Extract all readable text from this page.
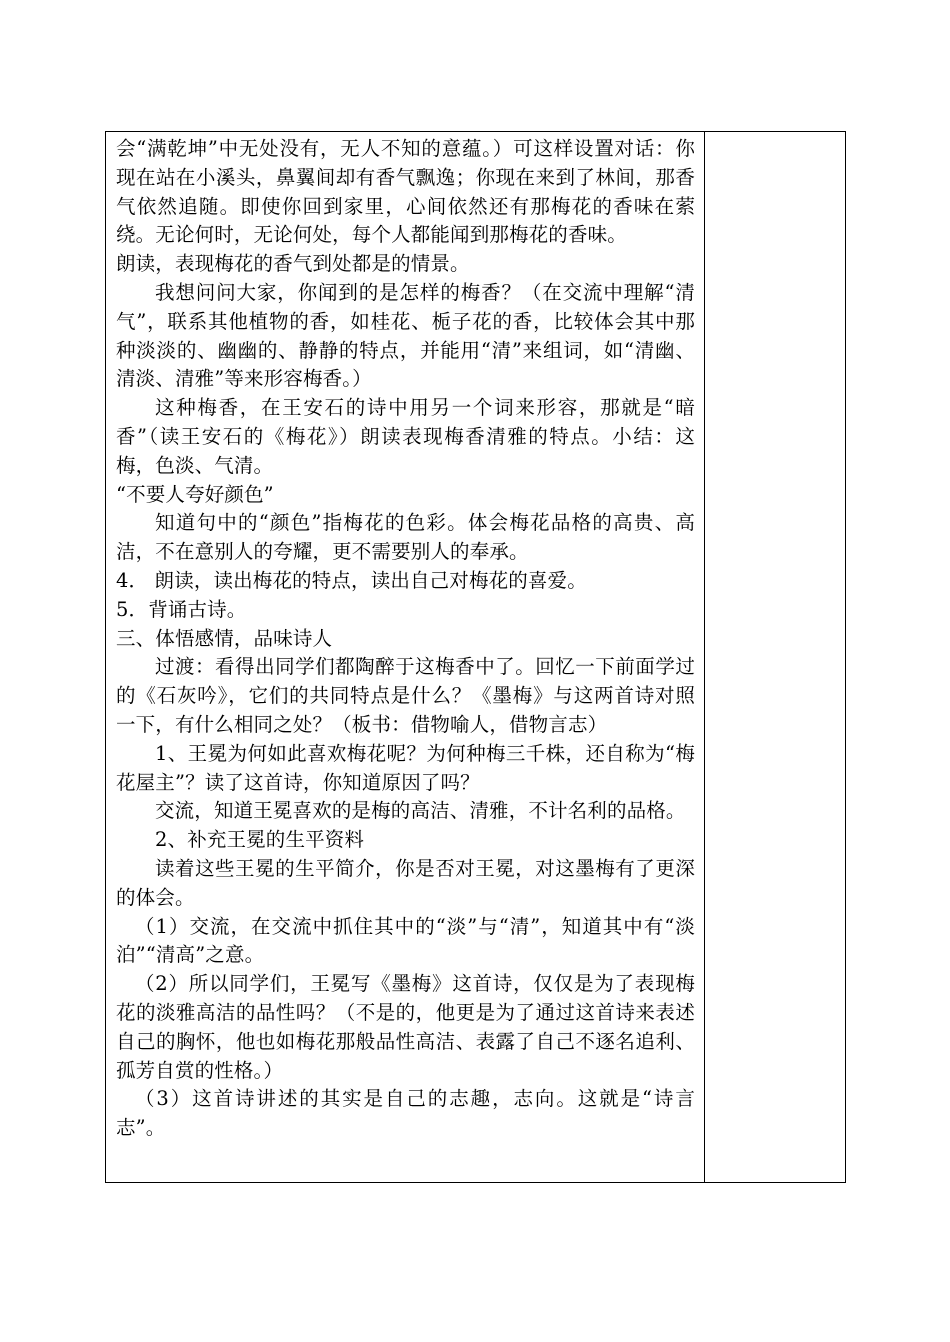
会“满乾坤”中无处没有，无人不知的意蕴。）可这样设置对话：你现在站在小溪头，鼻翼间却有香气飘逸；你现在来到了林间，那香气依然追随。即使你回到家里，心间依然还有那梅花的香味在萦绕。无论何时，无论何处，每个人都能闻到那梅花的香味。

朗读，表现梅花的香气到处都是的情景。

我想问问大家，你闻到的是怎样的梅香？（在交流中理解“清气”，联系其他植物的香，如桂花、栀子花的香，比较体会其中那种淡淡的、幽幽的、静静的特点，并能用“清”来组词，如“清幽、清淡、清雅”等来形容梅香。）

这种梅香，在王安石的诗中用另一个词来形容，那就是“暗香”（读王安石的《梅花》）朗读表现梅香清雅的特点。小结：这梅，色淡、气清。

“不要人夸好颜色”

知道句中的“颜色”指梅花的色彩。体会梅花品格的高贵、高洁，不在意别人的夸耀，更不需要别人的奉承。

4． 朗读，读出梅花的特点，读出自己对梅花的喜爱。

5．背诵古诗。

三、体悟感情，品味诗人

过渡：看得出同学们都陶醉于这梅香中了。回忆一下前面学过的《石灰吟》，它们的共同特点是什么？《墨梅》与这两首诗对照一下，有什么相同之处？（板书：借物喻人，借物言志）

1、王冕为何如此喜欢梅花呢？为何种梅三千株，还自称为“梅花屋主”？读了这首诗，你知道原因了吗？

交流，知道王冕喜欢的是梅的高洁、清雅，不计名利的品格。

2、补充王冕的生平资料

读着这些王冕的生平简介，你是否对王冕，对这墨梅有了更深的体会。

（1）交流，在交流中抓住其中的“淡”与“清”，知道其中有“淡泊”“清高”之意。

（2）所以同学们，王冕写《墨梅》这首诗，仅仅是为了表现梅花的淡雅高洁的品性吗？（不是的，他更是为了通过这首诗来表述自己的胸怀，他也如梅花那般品性高洁、表露了自己不逐名追利、孤芳自赏的性格。）

（3）这首诗讲述的其实是自己的志趣，志向。这就是“诗言志”。
